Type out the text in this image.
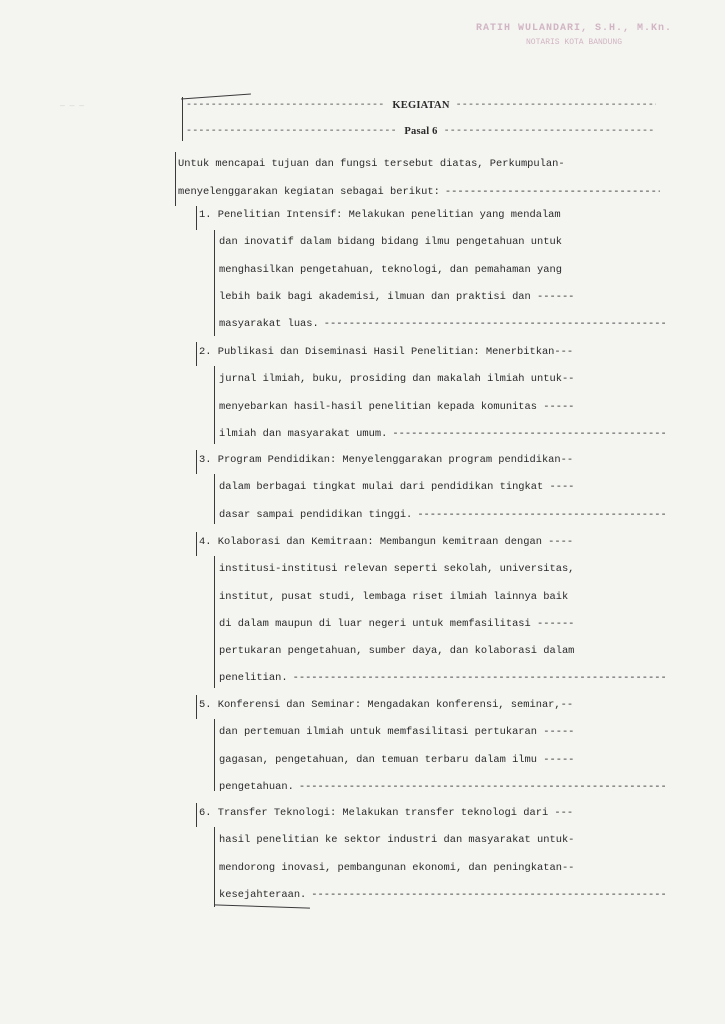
RATIH WULANDARI, S.H., M.Kn.
NOTARIS KOTA BANDUNG
— — —
-----	KEGIATAN
-----
-----
Pasal 6
-----
Untuk mencapai tujuan dan fungsi tersebut diatas, Perkumpulan-
menyelenggarakan kegiatan sebagai berikut:
-----
1. Penelitian Intensif: Melakukan penelitian yang mendalam
dan inovatif dalam bidang bidang ilmu pengetahuan untuk
menghasilkan pengetahuan, teknologi, dan pemahaman yang
lebih baik bagi akademisi, ilmuan dan praktisi dan ------
masyarakat luas.
-----
2. Publikasi dan Diseminasi Hasil Penelitian: Menerbitkan---
jurnal ilmiah, buku, prosiding dan makalah ilmiah untuk--
menyebarkan hasil-hasil penelitian kepada komunitas -----
ilmiah dan masyarakat umum.
-----
3. Program Pendidikan: Menyelenggarakan program pendidikan--
dalam berbagai tingkat mulai dari pendidikan tingkat ----
dasar sampai pendidikan tinggi.
-----
4. Kolaborasi dan Kemitraan: Membangun kemitraan dengan ----
institusi-institusi relevan seperti sekolah, universitas,
institut, pusat studi, lembaga riset ilmiah lainnya baik
di dalam maupun di luar negeri untuk memfasilitasi ------
pertukaran pengetahuan, sumber daya, dan kolaborasi dalam
penelitian.
-----
5. Konferensi dan Seminar: Mengadakan konferensi, seminar,--
dan pertemuan ilmiah untuk memfasilitasi pertukaran -----
gagasan, pengetahuan, dan temuan terbaru dalam ilmu -----
pengetahuan.
-----
6. Transfer Teknologi: Melakukan transfer teknologi dari ---
hasil penelitian ke sektor industri dan masyarakat untuk-
mendorong inovasi, pembangunan ekonomi, dan peningkatan--
kesejahteraan.
-----
